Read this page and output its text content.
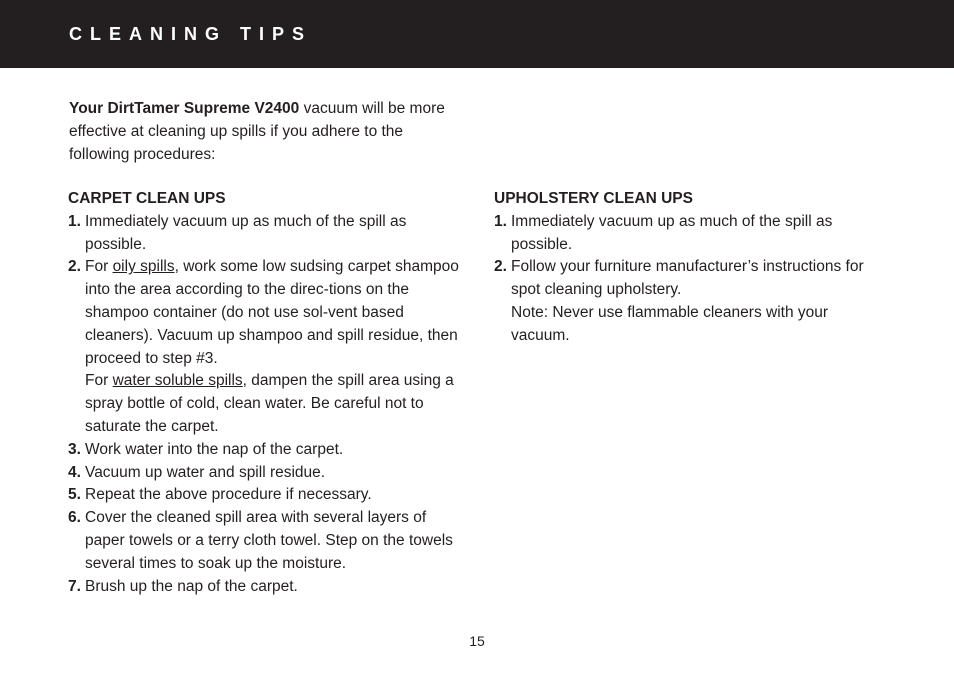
CLEANING TIPS

Your DirtTamer Supreme V2400 vacuum will be more effective at cleaning up spills if you adhere to the following procedures:

CARPET CLEAN UPS
1. Immediately vacuum up as much of the spill as possible.
2. For oily spills, work some low sudsing carpet shampoo into the area according to the direc-tions on the shampoo container (do not use sol-vent based cleaners). Vacuum up shampoo and spill residue, then proceed to step #3.
For water soluble spills, dampen the spill area using a spray bottle of cold, clean water. Be careful not to saturate the carpet.
3. Work water into the nap of the carpet.
4. Vacuum up water and spill residue.
5. Repeat the above procedure if necessary.
6. Cover the cleaned spill area with several layers of paper towels or a terry cloth towel. Step on the towels several times to soak up the moisture.
7. Brush up the nap of the carpet.
UPHOLSTERY CLEAN UPS
1. Immediately vacuum up as much of the spill as possible.
2. Follow your furniture manufacturer’s instructions for spot cleaning upholstery.
Note: Never use flammable cleaners with your vacuum.
15
